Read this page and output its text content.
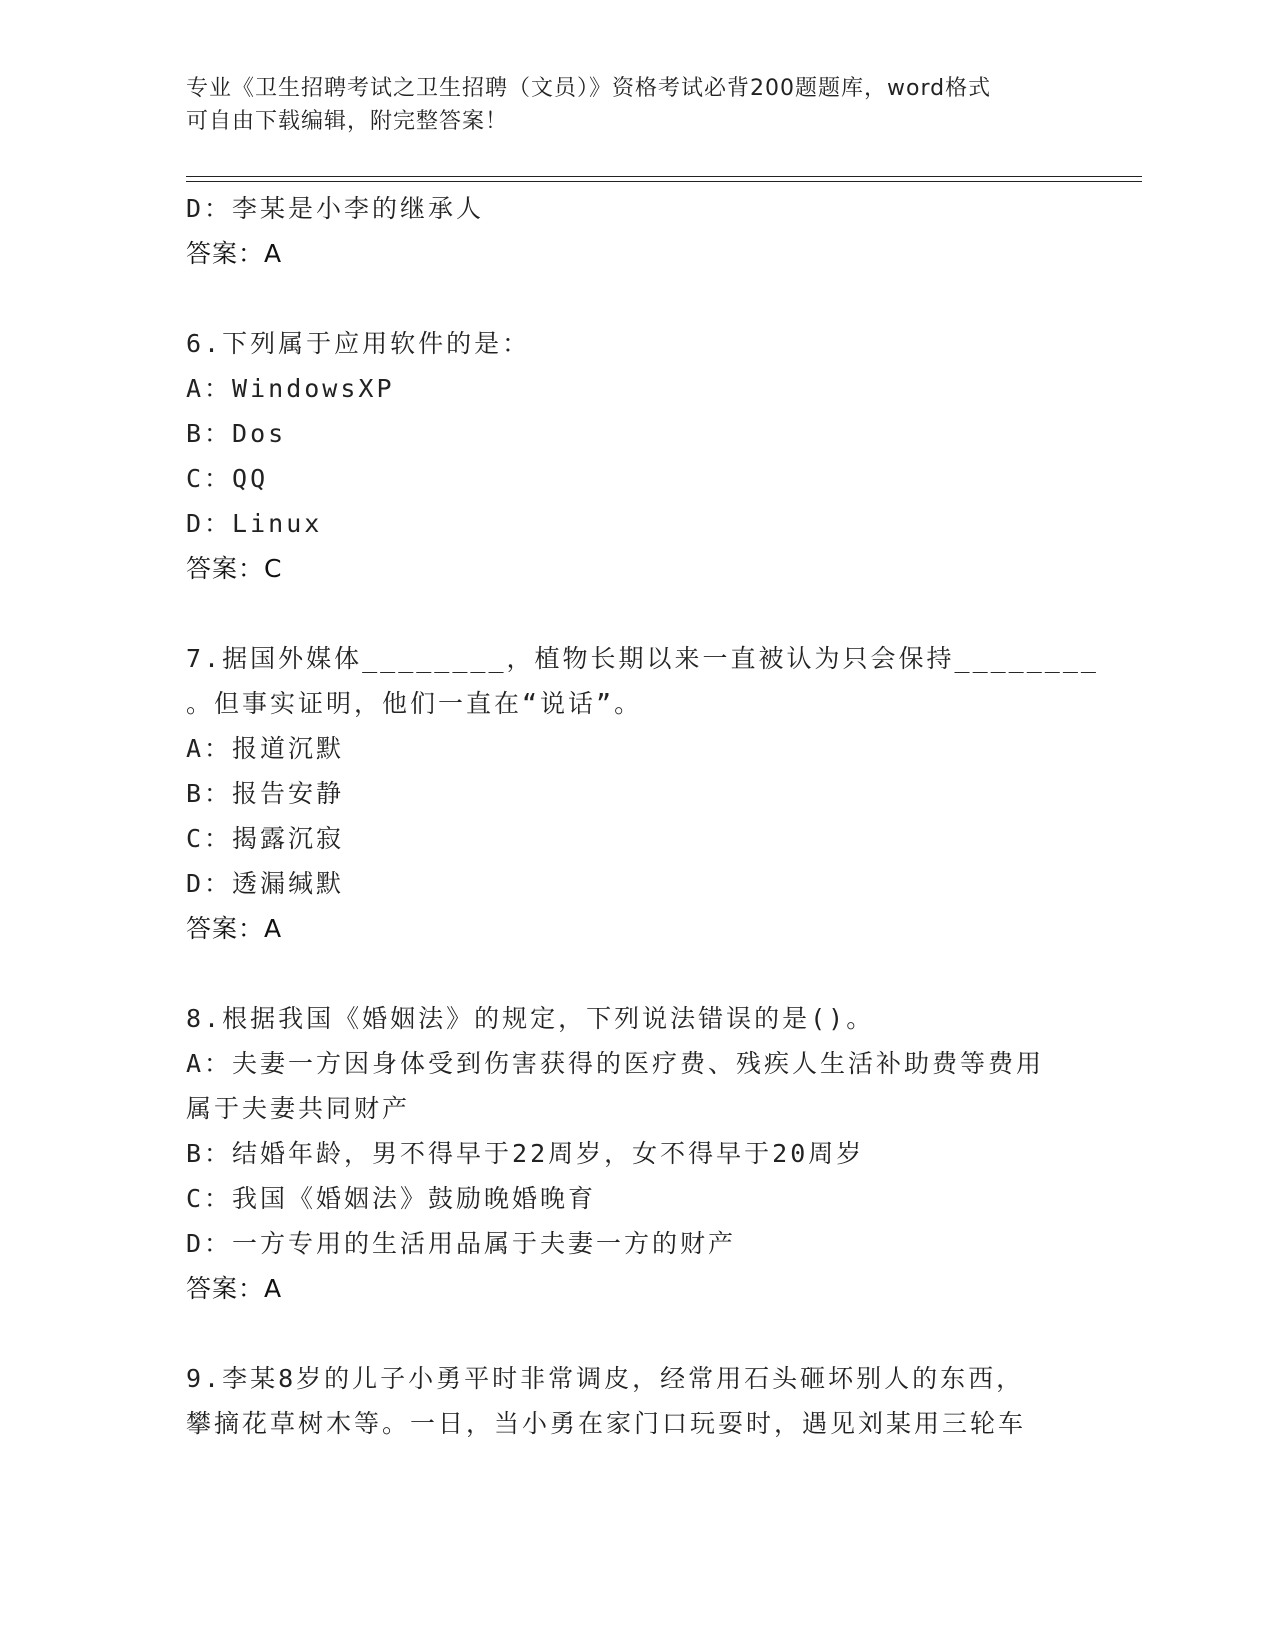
专业《卫生招聘考试之卫生招聘（文员）》资格考试必背200题题库，word格式
可自由下载编辑，附完整答案！
D：李某是小李的继承人
答案：A
6.下列属于应用软件的是：
A：WindowsXP
B：Dos
C：QQ
D：Linux
答案：C
7.据国外媒体________，植物长期以来一直被认为只会保持________
。但事实证明，他们一直在“说话”。
A：报道沉默
B：报告安静
C：揭露沉寂
D：透漏缄默
答案：A
8.根据我国《婚姻法》的规定，下列说法错误的是()。
A：夫妻一方因身体受到伤害获得的医疗费、残疾人生活补助费等费用
属于夫妻共同财产
B：结婚年龄，男不得早于22周岁，女不得早于20周岁
C：我国《婚姻法》鼓励晚婚晚育
D：一方专用的生活用品属于夫妻一方的财产
答案：A
9.李某8岁的儿子小勇平时非常调皮，经常用石头砸坏别人的东西，
攀摘花草树木等。一日，当小勇在家门口玩耍时，遇见刘某用三轮车
